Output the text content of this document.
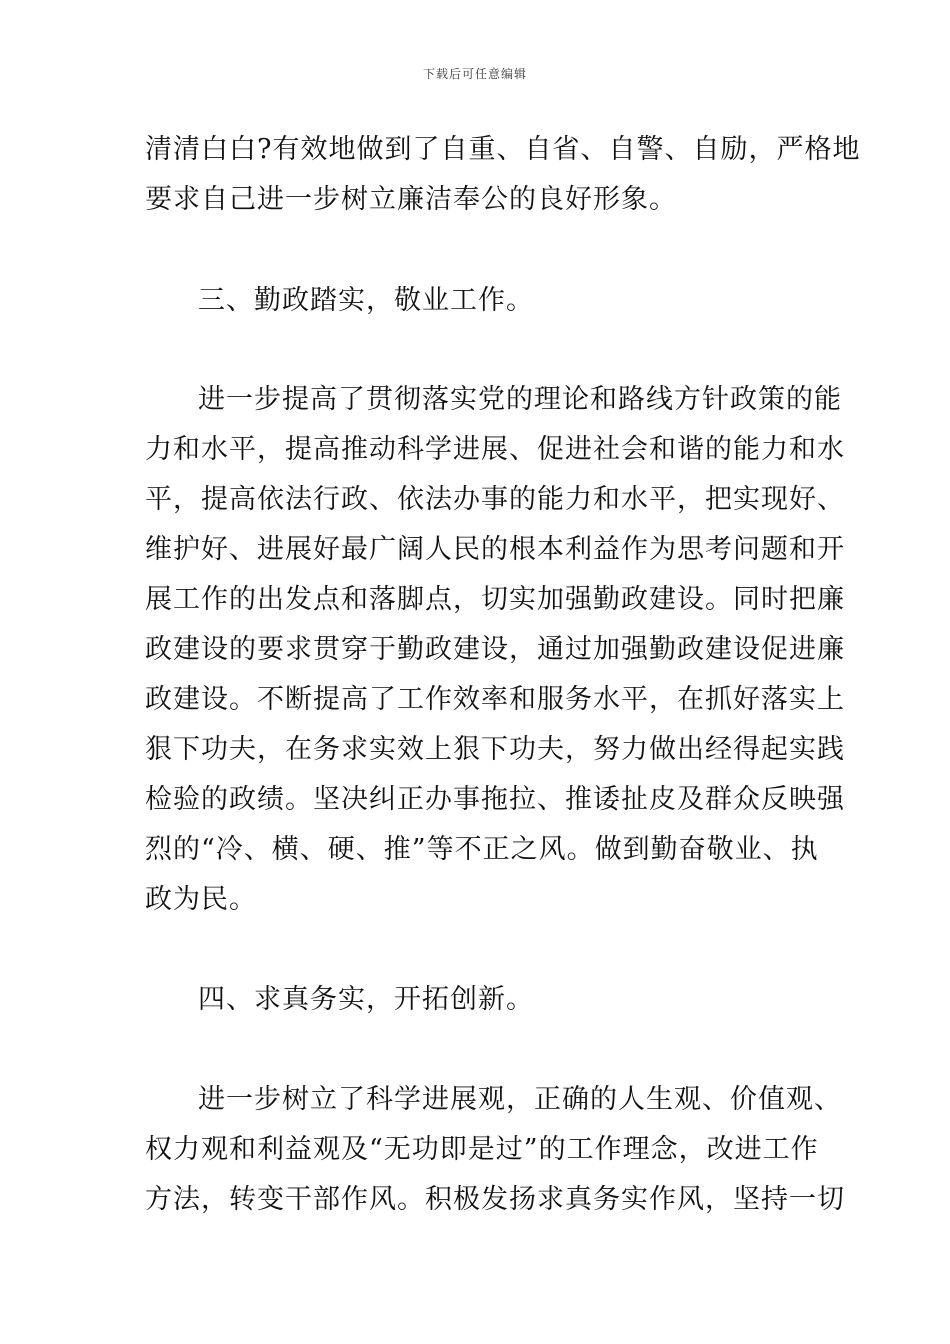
下载后可任意编辑
清清白白?有效地做到了自重、自省、自警、自励，严格地
要求自己进一步树立廉洁奉公的良好形象。
三、勤政踏实，敬业工作。
进一步提高了贯彻落实党的理论和路线方针政策的能
力和水平，提高推动科学进展、促进社会和谐的能力和水
平，提高依法行政、依法办事的能力和水平，把实现好、
维护好、进展好最广阔人民的根本利益作为思考问题和开
展工作的出发点和落脚点，切实加强勤政建设。同时把廉
政建设的要求贯穿于勤政建设，通过加强勤政建设促进廉
政建设。不断提高了工作效率和服务水平，在抓好落实上
狠下功夫，在务求实效上狠下功夫，努力做出经得起实践
检验的政绩。坚决纠正办事拖拉、推诿扯皮及群众反映强
烈的“冷、横、硬、推”等不正之风。做到勤奋敬业、执
政为民。
四、求真务实，开拓创新。
进一步树立了科学进展观，正确的人生观、价值观、
权力观和利益观及“无功即是过”的工作理念，改进工作
方法，转变干部作风。积极发扬求真务实作风，坚持一切
